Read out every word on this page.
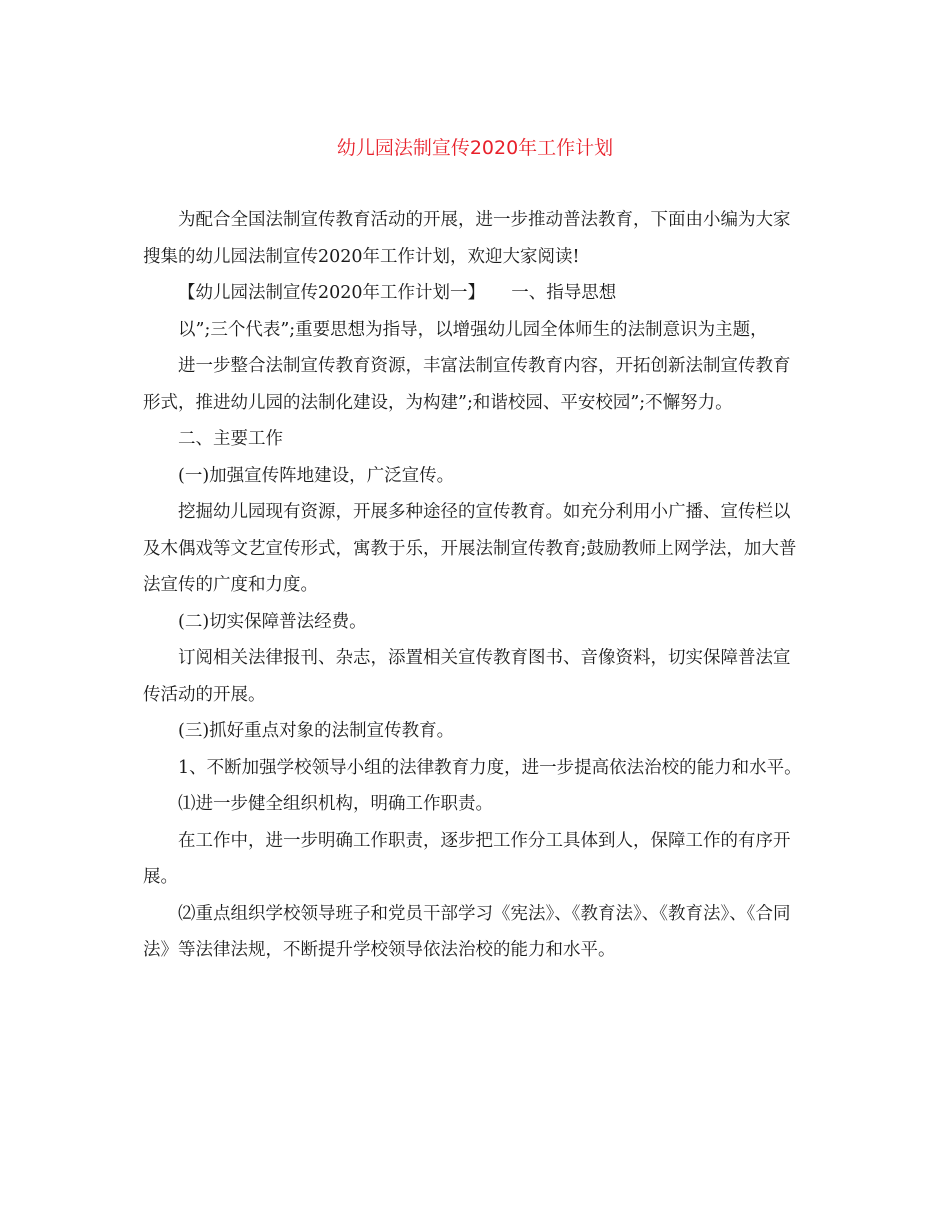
幼儿园法制宣传2020年工作计划

为配合全国法制宣传教育活动的开展，进一步推动普法教育，下面由小编为大家搜集的幼儿园法制宣传2020年工作计划，欢迎大家阅读!

【幼儿园法制宣传2020年工作计划一】　　一、指导思想

以”;三个代表”;重要思想为指导，以增强幼儿园全体师生的法制意识为主题，

进一步整合法制宣传教育资源，丰富法制宣传教育内容，开拓创新法制宣传教育形式，推进幼儿园的法制化建设，为构建”;和谐校园、平安校园”;不懈努力。

二、主要工作

(一)加强宣传阵地建设，广泛宣传。

挖掘幼儿园现有资源，开展多种途径的宣传教育。如充分利用小广播、宣传栏以及木偶戏等文艺宣传形式，寓教于乐，开展法制宣传教育;鼓励教师上网学法，加大普法宣传的广度和力度。

(二)切实保障普法经费。

订阅相关法律报刊、杂志，添置相关宣传教育图书、音像资料，切实保障普法宣传活动的开展。

(三)抓好重点对象的法制宣传教育。

1、不断加强学校领导小组的法律教育力度，进一步提高依法治校的能力和水平。

⑴进一步健全组织机构，明确工作职责。

在工作中，进一步明确工作职责，逐步把工作分工具体到人，保障工作的有序开展。

⑵重点组织学校领导班子和党员干部学习《宪法》、《教育法》、《教育法》、《合同法》等法律法规，不断提升学校领导依法治校的能力和水平。
